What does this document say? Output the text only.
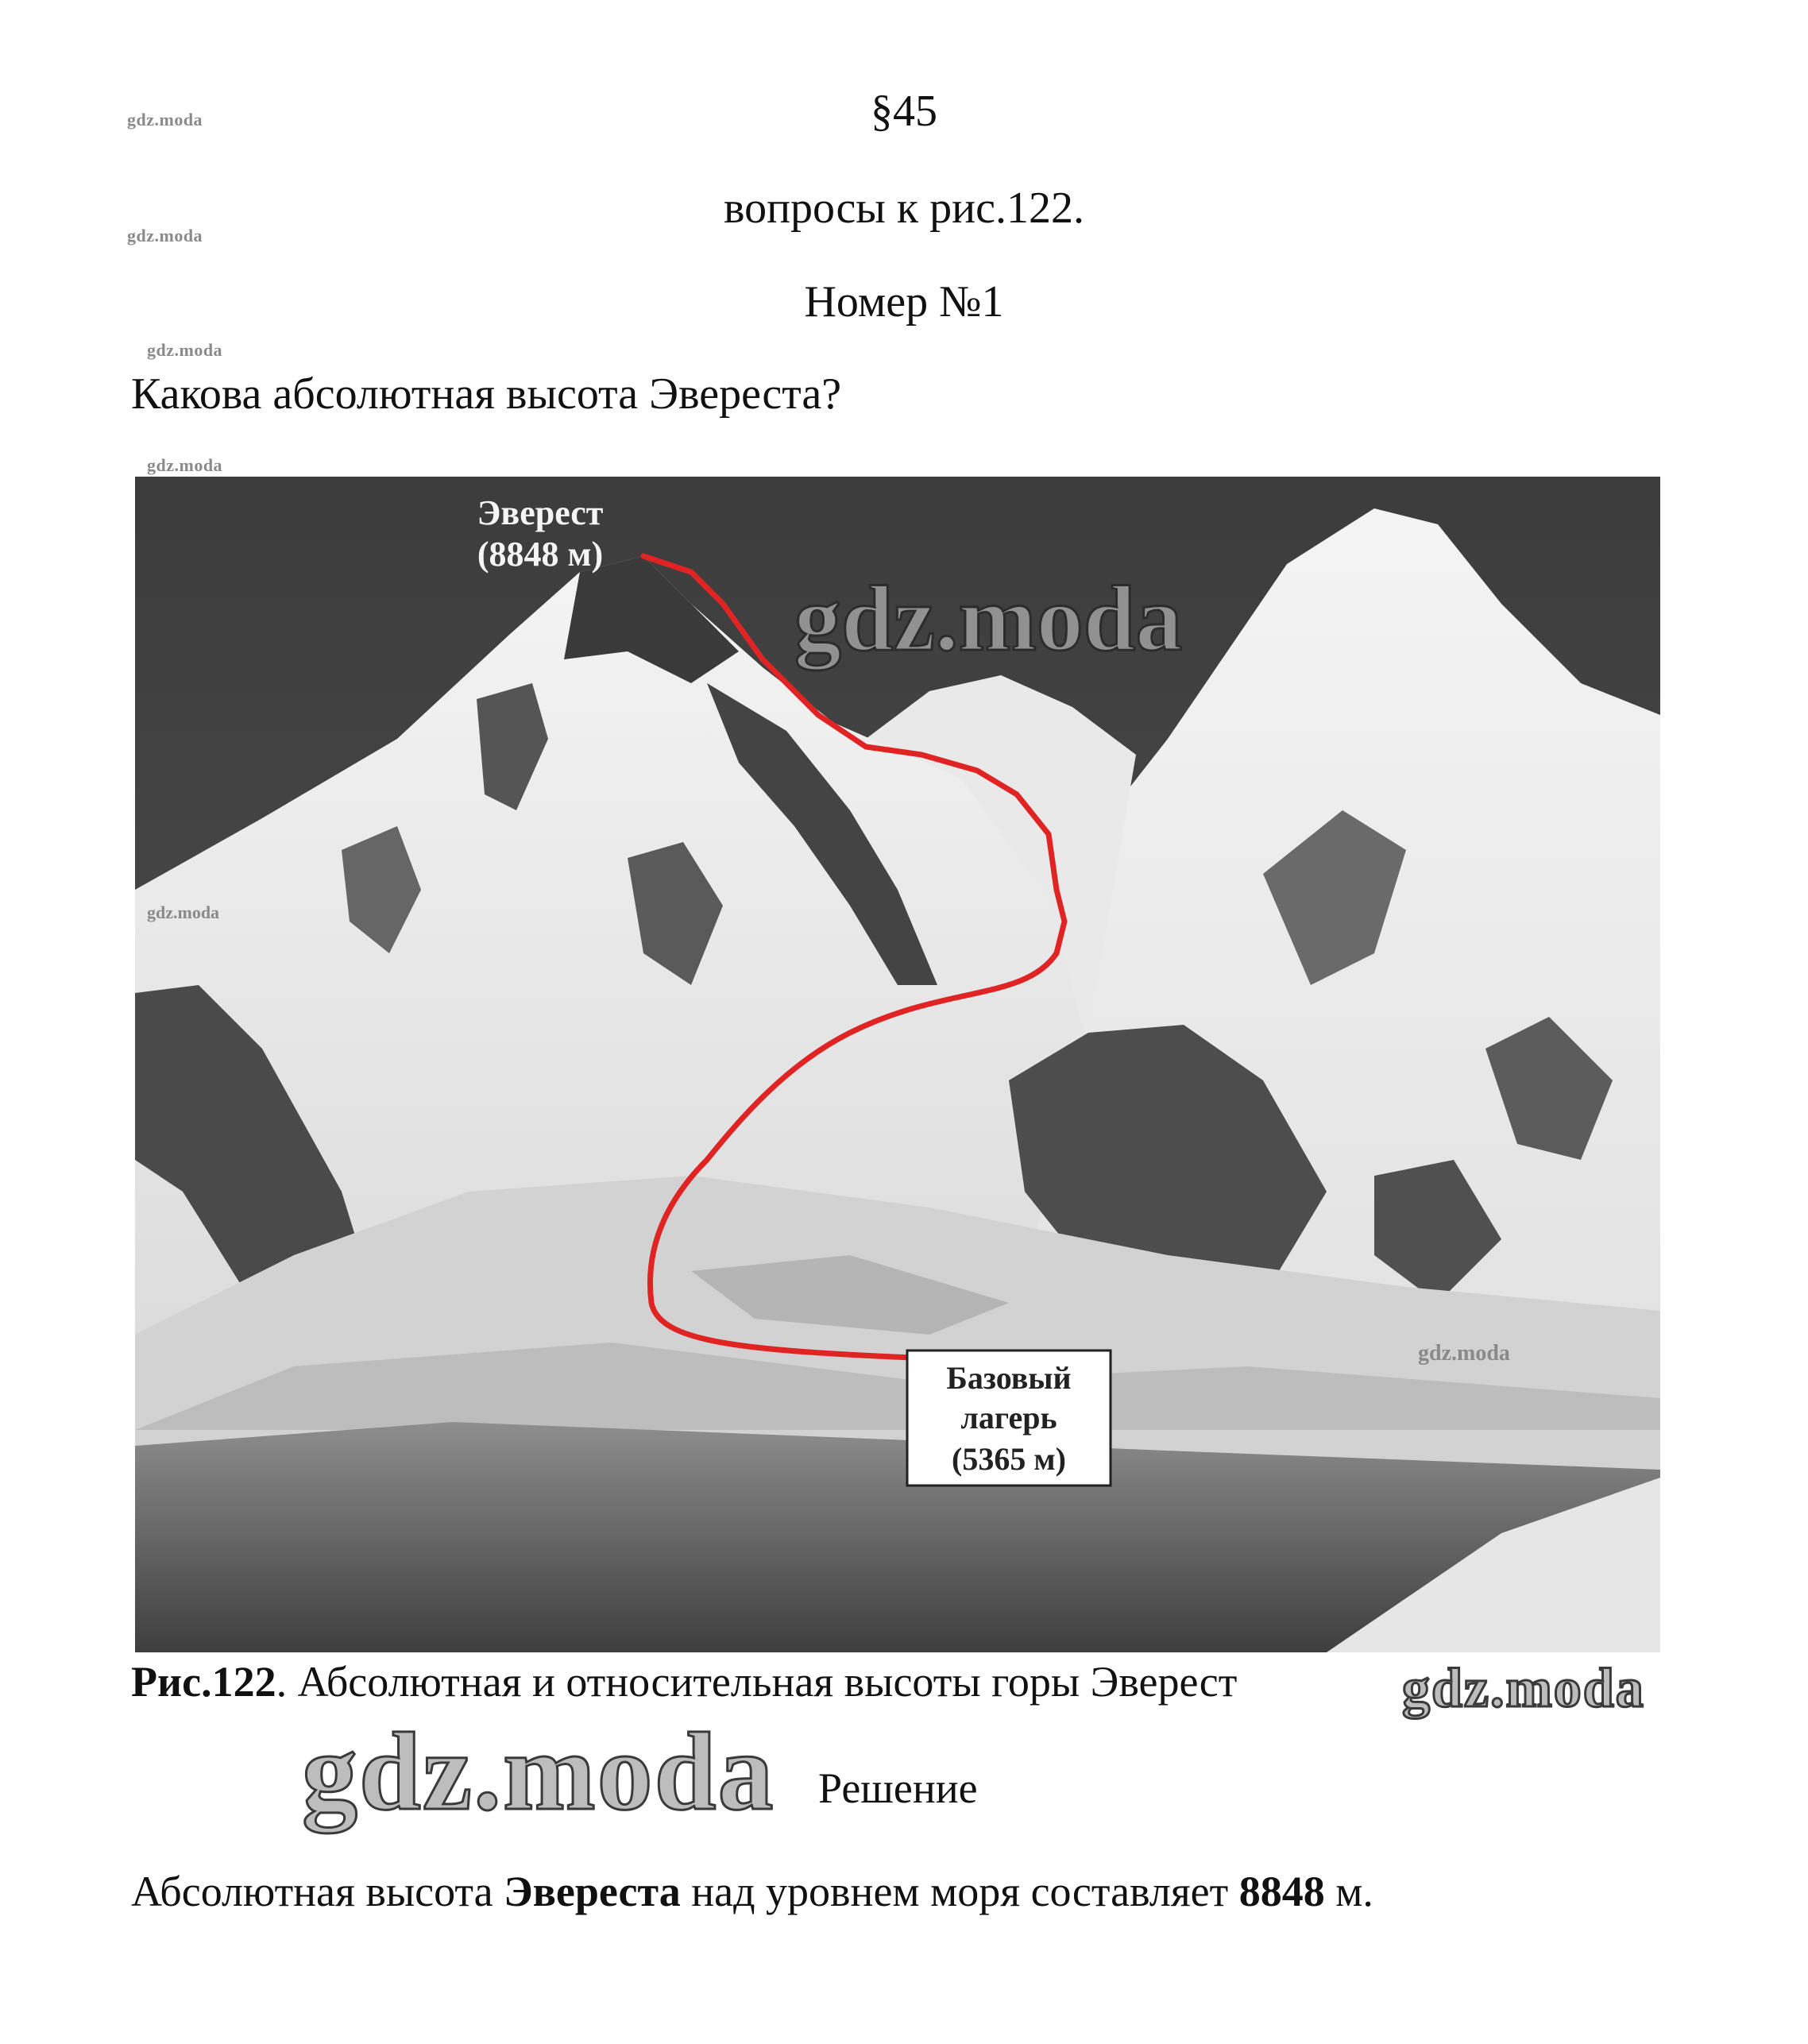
§45
вопросы к рис.122.
Номер №1
gdz.moda
gdz.moda
gdz.moda
gdz.moda
Какова абсолютная высота Эвереста?
Эверест
(8848 м)
Базовый
лагерь
(5365 м)
gdz.moda
gdz.moda
gdz.moda
Рис.122. Абсолютная и относительная высоты горы Эверест	gdz.moda
gdz.moda Решение
Абсолютная высота Эвереста над уровнем моря составляет 8848 м.
